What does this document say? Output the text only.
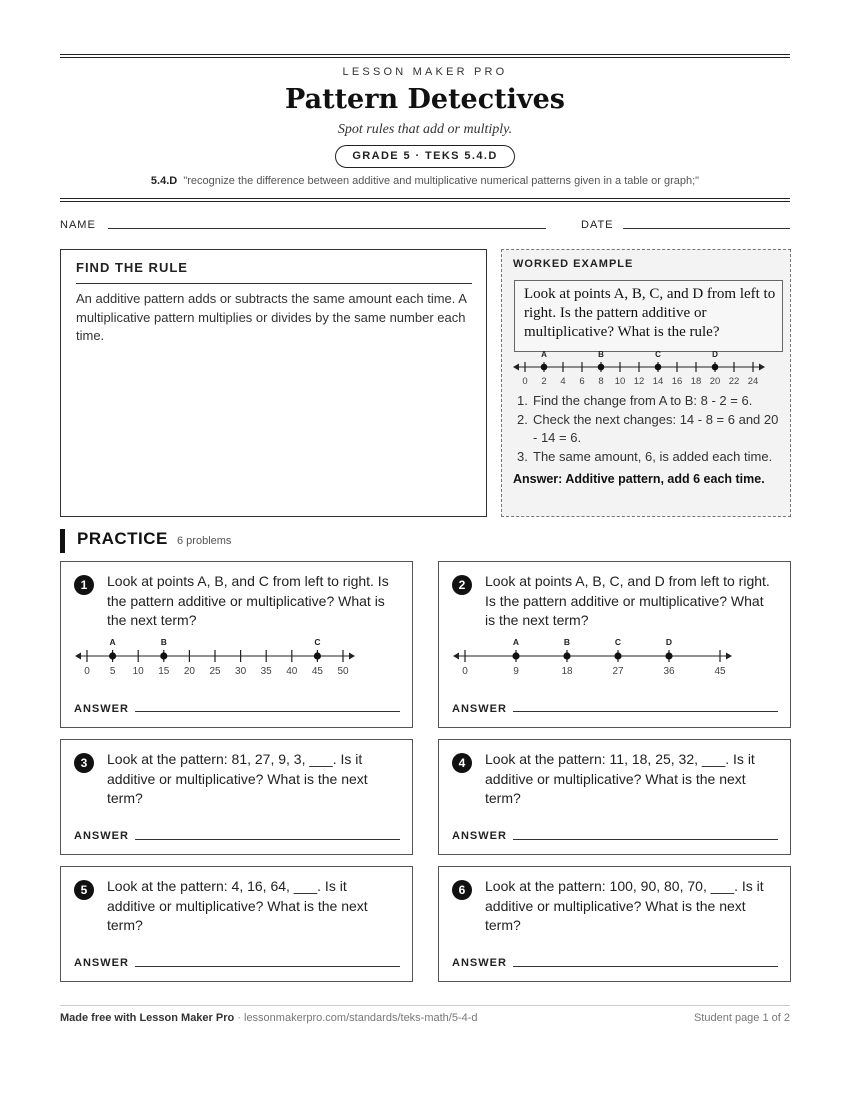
LESSON MAKER PRO
Pattern Detectives
Spot rules that add or multiply.
GRADE 5 · TEKS 5.4.D
5.4.D "recognize the difference between additive and multiplicative numerical patterns given in a table or graph;"
NAME	DATE
FIND THE RULE
An additive pattern adds or subtracts the same amount each time. A multiplicative pattern multiplies or divides by the same number each time.
WORKED EXAMPLE
Look at points A, B, C, and D from left to right. Is the pattern additive or multiplicative? What is the rule?
0 2 4 6 8 10 12 14 16 18 20 22 24
A	B	C	D
1. Find the change from A to B: 8 - 2 = 6.
2. Check the next changes: 14 - 8 = 6 and 20 - 14 = 6.
3. The same amount, 6, is added each time.
Answer: Additive pattern, add 6 each time.
PRACTICE 6 problems
1	Look at points A, B, and C from left to right. Is the pattern additive or multiplicative? What is the next term?
0 5 10 15 20 25 30 35 40 45 50
A	B	C
ANSWER
2	Look at points A, B, C, and D from left to right. Is the pattern additive or multiplicative? What is the next term?
0	9	18	27	36	45
A	B	C	D
ANSWER
3	Look at the pattern: 81, 27, 9, 3, ___. Is it additive or multiplicative? What is the next term?
ANSWER
4	Look at the pattern: 11, 18, 25, 32, ___. Is it additive or multiplicative? What is the next term?
ANSWER
5	Look at the pattern: 4, 16, 64, ___. Is it additive or multiplicative? What is the next term?
ANSWER
6	Look at the pattern: 100, 90, 80, 70, ___. Is it additive or multiplicative? What is the next term?
ANSWER
Made free with Lesson Maker Pro · lessonmakerpro.com/standards/teks-math/5-4-d	Student page 1 of 2
